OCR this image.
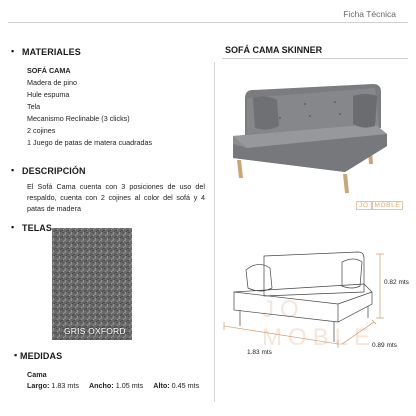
Ficha Técnica
▪ MATERIALES
SOFÁ CAMA
Madera de pino
Hule espuma
Tela
Mecanismo Reclinable (3 clicks)
2 cojines
1 Juego de patas de matera cuadradas
▪ DESCRIPCIÓN
El Sofá Cama cuenta con 3 posiciones de uso del respaldo, cuenta con 2 cojines al color del sofá y 4 patas de madera
▪ TELAS
GRIS OXFORD
▪ MEDIDAS
Cama
Largo: 1.83 mts Ancho: 1.05 mts Alto: 0.45 mts
SOFÁ CAMA SKINNER
JO MOBLE
JO MOBLE
0.82 mts
0.89 mts
1.83 mts
